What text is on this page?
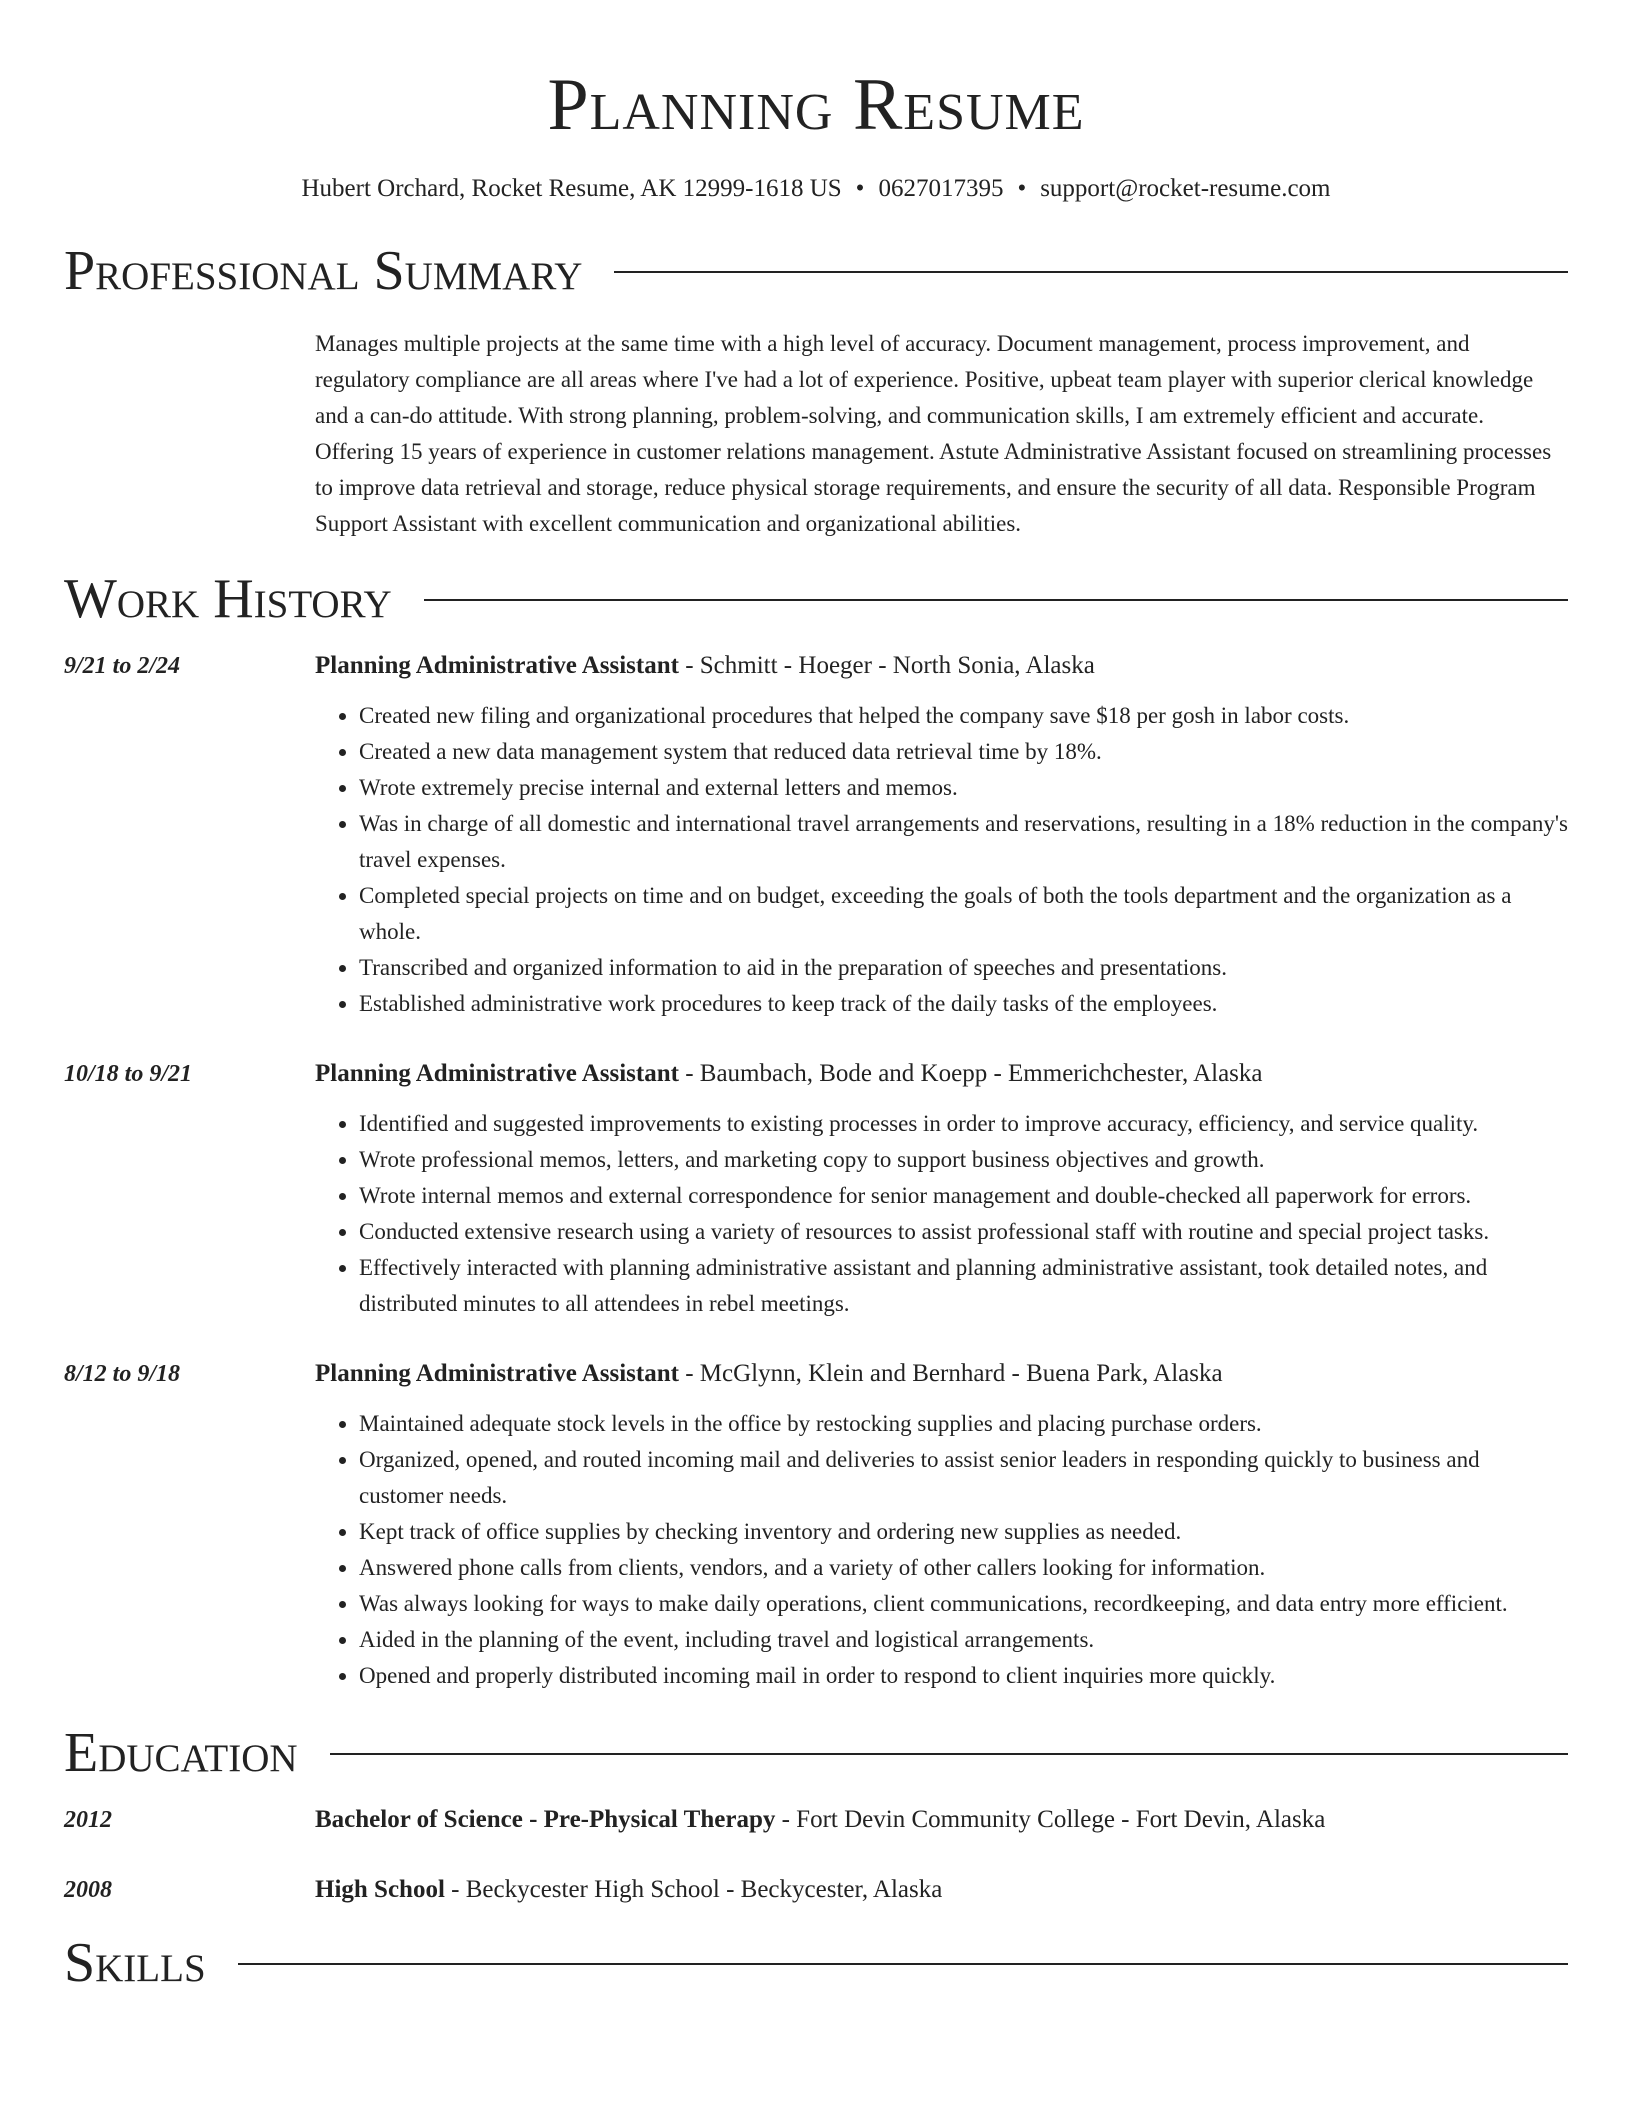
Planning Resume
Hubert Orchard, Rocket Resume, AK 12999-1618 US • 0627017395 • support@rocket-resume.com
Professional Summary
Manages multiple projects at the same time with a high level of accuracy. Document management, process improvement, and regulatory compliance are all areas where I've had a lot of experience. Positive, upbeat team player with superior clerical knowledge and a can-do attitude. With strong planning, problem-solving, and communication skills, I am extremely efficient and accurate. Offering 15 years of experience in customer relations management. Astute Administrative Assistant focused on streamlining processes to improve data retrieval and storage, reduce physical storage requirements, and ensure the security of all data. Responsible Program Support Assistant with excellent communication and organizational abilities.
Work History
9/21 to 2/24	Planning Administrative Assistant - Schmitt - Hoeger - North Sonia, Alaska
• Created new filing and organizational procedures that helped the company save $18 per gosh in labor costs.
• Created a new data management system that reduced data retrieval time by 18%.
• Wrote extremely precise internal and external letters and memos.
• Was in charge of all domestic and international travel arrangements and reservations, resulting in a 18% reduction in the company's travel expenses.
• Completed special projects on time and on budget, exceeding the goals of both the tools department and the organization as a whole.
• Transcribed and organized information to aid in the preparation of speeches and presentations.
• Established administrative work procedures to keep track of the daily tasks of the employees.
10/18 to 9/21	Planning Administrative Assistant - Baumbach, Bode and Koepp - Emmerichchester, Alaska
• Identified and suggested improvements to existing processes in order to improve accuracy, efficiency, and service quality.
• Wrote professional memos, letters, and marketing copy to support business objectives and growth.
• Wrote internal memos and external correspondence for senior management and double-checked all paperwork for errors.
• Conducted extensive research using a variety of resources to assist professional staff with routine and special project tasks.
• Effectively interacted with planning administrative assistant and planning administrative assistant, took detailed notes, and distributed minutes to all attendees in rebel meetings.
8/12 to 9/18	Planning Administrative Assistant - McGlynn, Klein and Bernhard - Buena Park, Alaska
• Maintained adequate stock levels in the office by restocking supplies and placing purchase orders.
• Organized, opened, and routed incoming mail and deliveries to assist senior leaders in responding quickly to business and customer needs.
• Kept track of office supplies by checking inventory and ordering new supplies as needed.
• Answered phone calls from clients, vendors, and a variety of other callers looking for information.
• Was always looking for ways to make daily operations, client communications, recordkeeping, and data entry more efficient.
• Aided in the planning of the event, including travel and logistical arrangements.
• Opened and properly distributed incoming mail in order to respond to client inquiries more quickly.
Education
2012	Bachelor of Science - Pre-Physical Therapy - Fort Devin Community College - Fort Devin, Alaska
2008	High School - Beckycester High School - Beckycester, Alaska
Skills
